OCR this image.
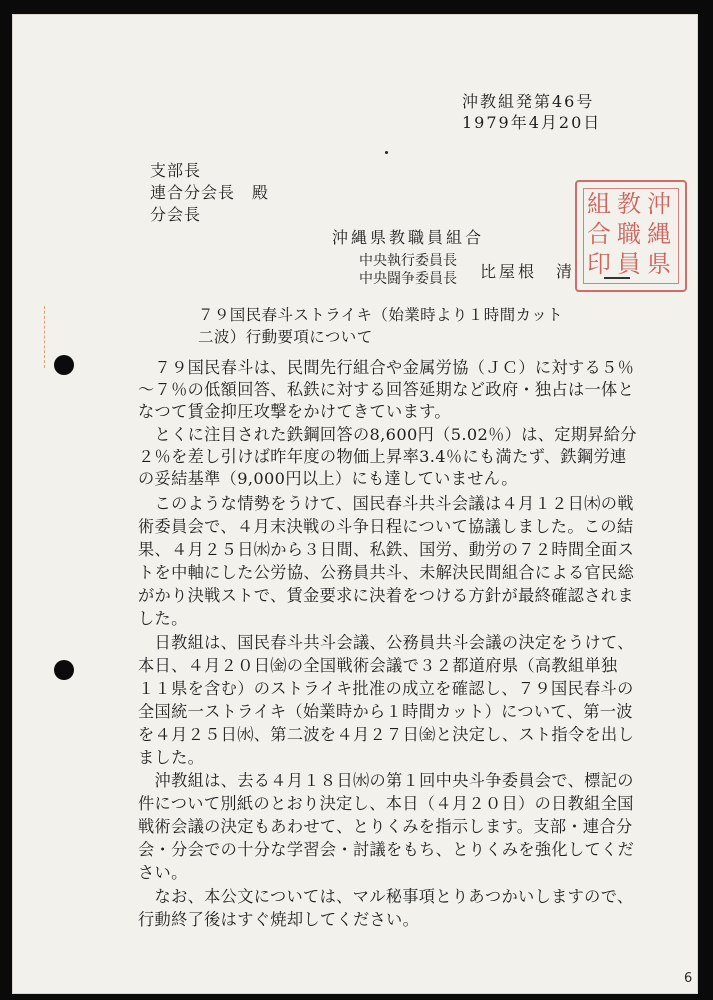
沖教組発第46号
1979年4月20日
支部長
連合分会長　殿
分会長
沖縄県教職員組合
中央執行委員長
中央闘争委員長 比屋根　清
沖
縄
県
教
職
員
組
合
印
７９国民春斗ストライキ（始業時より１時間カット
二波）行動要項について
　７９国民春斗は、民間先行組合や金属労協（ＪＣ）に対する５％
～７％の低額回答、私鉄に対する回答延期など政府・独占は一体と
なつて賃金抑圧攻撃をかけてきています。
　とくに注目された鉄鋼回答の8,600円（5.02％）は、定期昇給分
２％を差し引けば昨年度の物価上昇率3.4％にも満たず、鉄鋼労連
の妥結基準（9,000円以上）にも達していません。
　このような情勢をうけて、国民春斗共斗会議は４月１２日㈭の戦
術委員会で、４月末決戦の斗争日程について協議しました。この結
果、４月２５日㈬から３日間、私鉄、国労、動労の７２時間全面ス
トを中軸にした公労協、公務員共斗、未解決民間組合による官民総
がかり決戦ストで、賃金要求に決着をつける方針が最終確認されま
した。
　日教組は、国民春斗共斗会議、公務員共斗会議の決定をうけて、
本日、４月２０日㈮の全国戦術会議で３２都道府県（高教組単独
１１県を含む）のストライキ批准の成立を確認し、７９国民春斗の
全国統一ストライキ（始業時から１時間カット）について、第一波
を４月２５日㈬、第二波を４月２７日㈮と決定し、スト指令を出し
ました。
　沖教組は、去る４月１８日㈬の第１回中央斗争委員会で、標記の
件について別紙のとおり決定し、本日（４月２０日）の日教組全国
戦術会議の決定もあわせて、とりくみを指示します。支部・連合分
会・分会での十分な学習会・討議をもち、とりくみを強化してくだ
さい。
　なお、本公文については、マル秘事項とりあつかいしますので、
行動終了後はすぐ焼却してください。
6
